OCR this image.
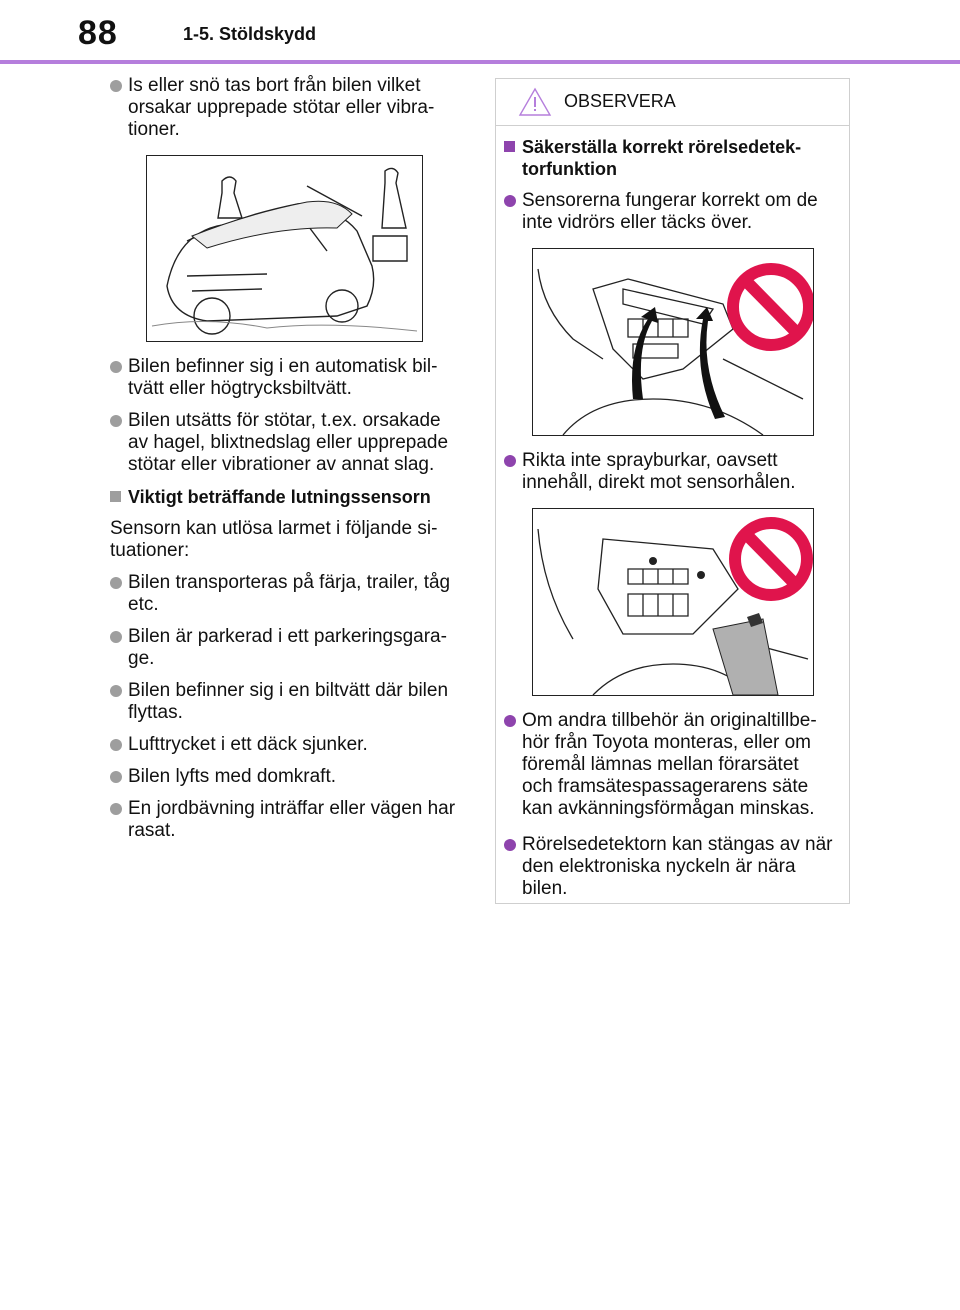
88	1-5. Stöldskydd
Is eller snö tas bort från bilen vilket orsakar upprepade stötar eller vibrationer.
Bilen befinner sig i en automatisk biltvätt eller högtrycksbiltvätt.
Bilen utsätts för stötar, t.ex. orsakade av hagel, blixtnedslag eller upprepade stötar eller vibrationer av annat slag.
Viktigt beträffande lutningssensorn
Sensorn kan utlösa larmet i följande situationer:
Bilen transporteras på färja, trailer, tåg etc.
Bilen är parkerad i ett parkeringsgarage.
Bilen befinner sig i en biltvätt där bilen flyttas.
Lufttrycket i ett däck sjunker.
Bilen lyfts med domkraft.
En jordbävning inträffar eller vägen har rasat.
OBSERVERA
Säkerställa korrekt rörelsedetektorfunktion
Sensorerna fungerar korrekt om de inte vidrörs eller täcks över.
Rikta inte sprayburkar, oavsett innehåll, direkt mot sensorhålen.
Om andra tillbehör än originaltillbehör från Toyota monteras, eller om föremål lämnas mellan förarsätet och framsätespassagerarens säte kan avkänningsförmågan minskas.
Rörelsedetektorn kan stängas av när den elektroniska nyckeln är nära bilen.
